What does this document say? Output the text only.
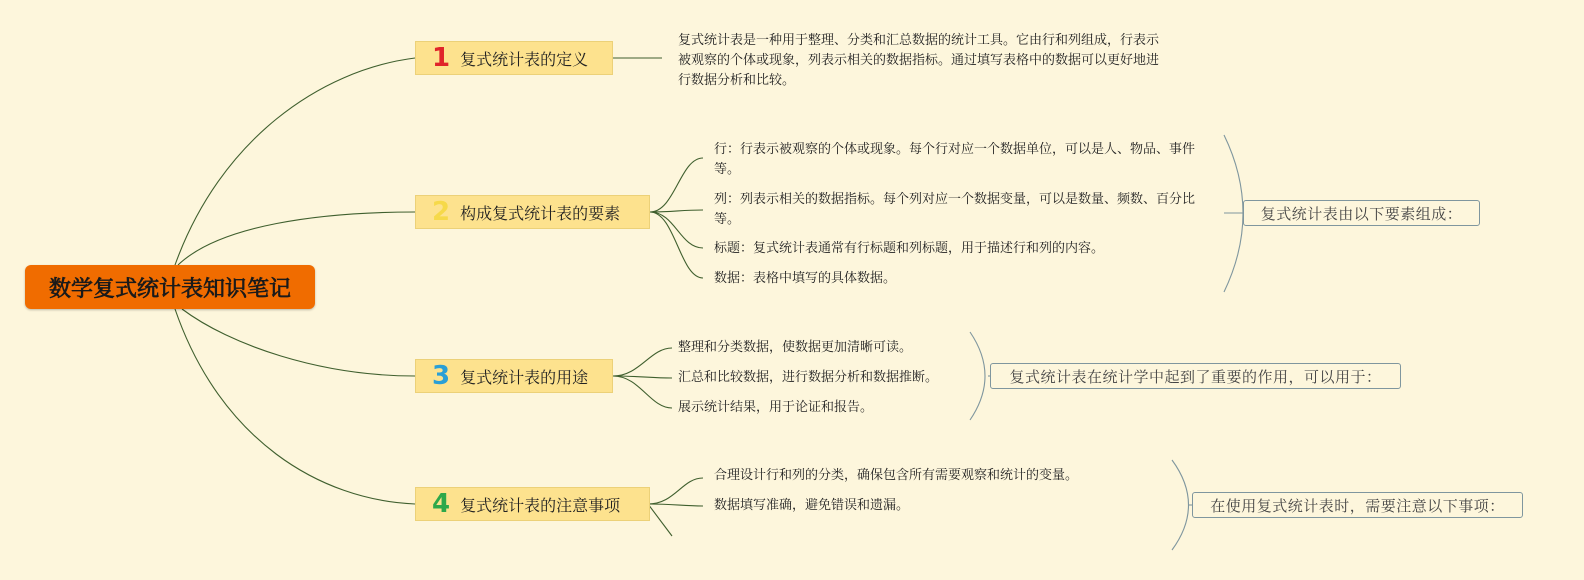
数学复式统计表知识笔记
1 复式统计表的定义
复式统计表是一种用于整理、分类和汇总数据的统计工具。它由行和列组成，行表示被观察的个体或现象，列表示相关的数据指标。通过填写表格中的数据可以更好地进行数据分析和比较。
2 构成复式统计表的要素
行：行表示被观察的个体或现象。每个行对应一个数据单位，可以是人、物品、事件等。
列：列表示相关的数据指标。每个列对应一个数据变量，可以是数量、频数、百分比等。
标题：复式统计表通常有行标题和列标题，用于描述行和列的内容。
数据：表格中填写的具体数据。
复式统计表由以下要素组成：
3 复式统计表的用途
整理和分类数据，使数据更加清晰可读。
汇总和比较数据，进行数据分析和数据推断。
展示统计结果，用于论证和报告。
复式统计表在统计学中起到了重要的作用，可以用于：
4 复式统计表的注意事项
合理设计行和列的分类，确保包含所有需要观察和统计的变量。
数据填写准确，避免错误和遗漏。	在使用复式统计表时，需要注意以下事项：
